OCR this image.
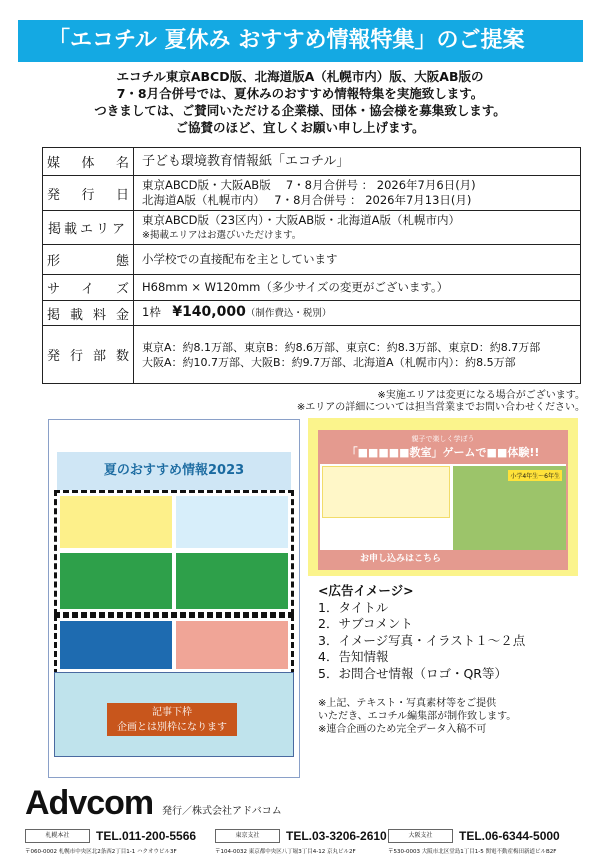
「エコチル 夏休み おすすめ情報特集」のご提案
エコチル東京ABCD版、北海道版A（札幌市内）版、大阪AB版の
7・8月合併号では、夏休みのおすすめ情報特集を実施致します。
つきましては、ご賛同いただける企業様、団体・協会様を募集致します。
ご協賛のほど、宜しくお願い申し上げます。
媒体名	子ども環境教育情報紙「エコチル」
発行日	東京ABCD版・大阪AB版　 7・8月合併号 ： 2026年7月6日(月)
北海道A版（札幌市内）　 7・8月合併号 ： 2026年7月13日(月)

掲載エリア	東京ABCD版（23区内）・大阪AB版・北海道A版（札幌市内）
※掲載エリアはお選びいただけます。

形態	小学校での直接配布を主としています
サイズ	H68mm × W120mm（多少サイズの変更がございます。）
掲載料金	1枠　 ¥140,000（制作費込・税別）
発行部数	東京A：約8.1万部、東京B：約8.6万部、東京C：約8.3万部、東京D：約8.7万部
大阪A：約10.7万部、大阪B：約9.7万部、北海道A（札幌市内）：約8.5万部
※実施エリアは変更になる場合がございます。
※エリアの詳細については担当営業までお問い合わせください。
夏のおすすめ情報2023
記事下枠
企画とは別枠になります
親子で楽しく学ぼう
「■■■■■教室」ゲームで■■体験!!
小学4年生～6年生
お申し込みはこちら
<広告イメージ>
1．タイトル
2．サブコメント
3．イメージ写真・イラスト１～２点
4．告知情報
5．お問合せ情報（ロゴ・QR等）
※上記、テキスト・写真素材等をご提供
いただき、エコチル編集部が制作致します。
※連合企画のため完全データ入稿不可
Advcom 発行／株式会社アドバコム
札幌本社 TEL.011-200-5566
〒060-0002 札幌市中央区北2条西2丁目1-1 ハクオウビル3F
東京支社 TEL.03-3206-2610
〒104-0032 東京都中央区八丁堀3丁目4-12 京丸ビル2F
大阪支社 TEL.06-6344-5000
〒530-0003 大阪市北区堂島1丁目1-5 関電不動産梅田新道ビルB2F
